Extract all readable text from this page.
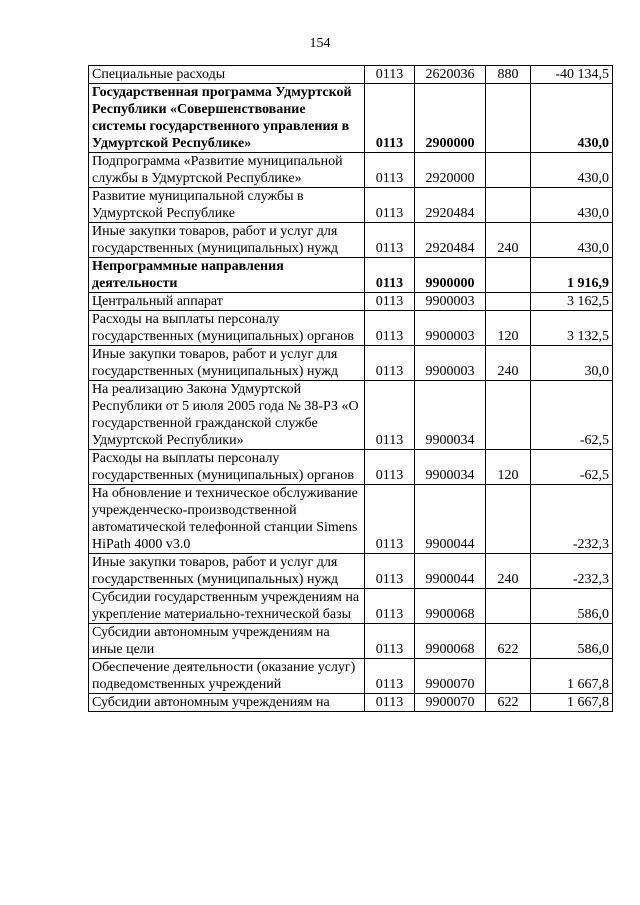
154
Специальные расходы	0113	2620036	880	-40 134,5
Государственная программа Удмуртской Республики «Совершенствование системы государственного управления в Удмуртской Республике»	0113	2900000		430,0
Подпрограмма «Развитие муниципальной службы в Удмуртской Республике»	0113	2920000		430,0
Развитие муниципальной службы в Удмуртской Республике	0113	2920484		430,0
Иные закупки товаров, работ и услуг для государственных (муниципальных) нужд	0113	2920484	240	430,0
Непрограммные направления деятельности	0113	9900000		1 916,9
Центральный аппарат	0113	9900003		3 162,5
Расходы на выплаты персоналу государственных (муниципальных) органов	0113	9900003	120	3 132,5
Иные закупки товаров, работ и услуг для государственных (муниципальных) нужд	0113	9900003	240	30,0
На реализацию Закона Удмуртской Республики от 5 июля 2005 года № 38-РЗ «О государственной гражданской службе Удмуртской Республики»	0113	9900034		-62,5
Расходы на выплаты персоналу государственных (муниципальных) органов	0113	9900034	120	-62,5
На обновление и техническое обслуживание учрежденческо-производственной автоматической телефонной станции Simens HiPath 4000 v3.0	0113	9900044		-232,3
Иные закупки товаров, работ и услуг для государственных (муниципальных) нужд	0113	9900044	240	-232,3
Субсидии государственным учреждениям на укрепление материально-технической базы	0113	9900068		586,0
Субсидии автономным учреждениям на иные цели	0113	9900068	622	586,0
Обеспечение деятельности (оказание услуг) подведомственных учреждений	0113	9900070		1 667,8
Субсидии автономным учреждениям на	0113	9900070	622	1 667,8
